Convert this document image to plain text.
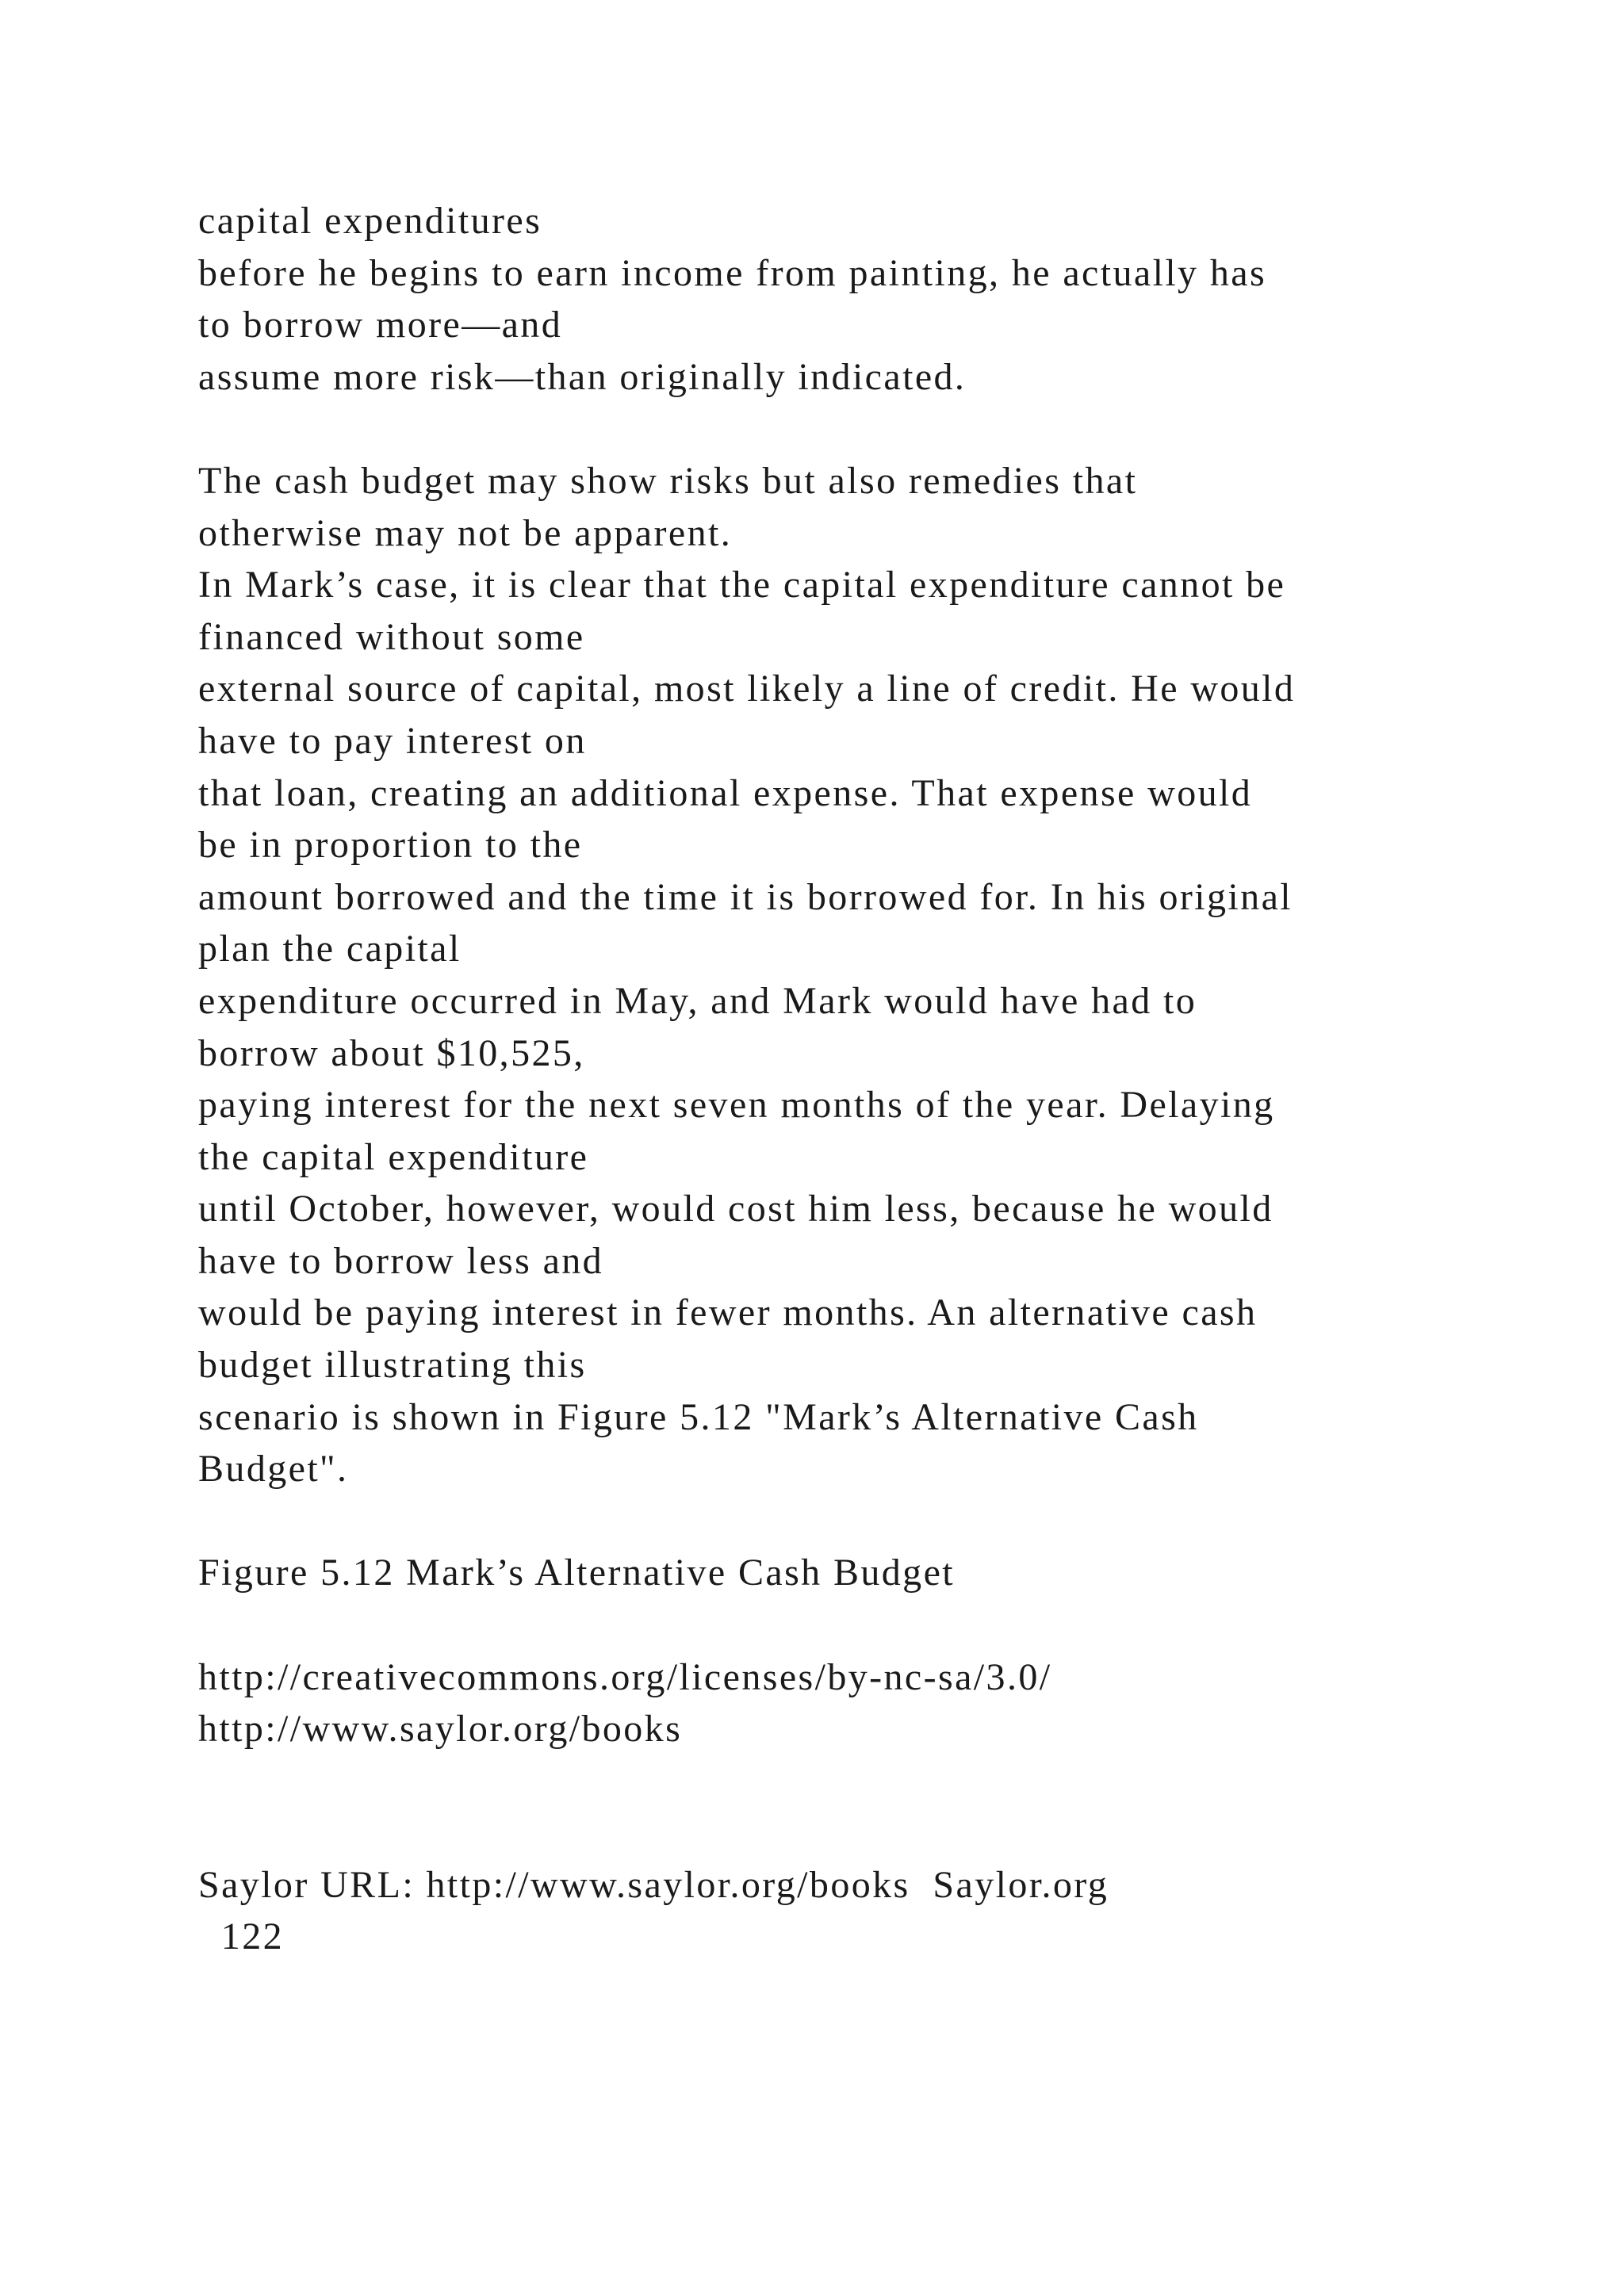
capital expenditures
before he begins to earn income from painting, he actually has
to borrow more—and
assume more risk—than originally indicated.
The cash budget may show risks but also remedies that
otherwise may not be apparent.
In Mark’s case, it is clear that the capital expenditure cannot be
financed without some
external source of capital, most likely a line of credit. He would
have to pay interest on
that loan, creating an additional expense. That expense would
be in proportion to the
amount borrowed and the time it is borrowed for. In his original
plan the capital
expenditure occurred in May, and Mark would have had to
borrow about $10,525,
paying interest for the next seven months of the year. Delaying
the capital expenditure
until October, however, would cost him less, because he would
have to borrow less and
would be paying interest in fewer months. An alternative cash
budget illustrating this
scenario is shown in Figure 5.12 "Mark’s Alternative Cash
Budget".
Figure 5.12 Mark’s Alternative Cash Budget
http://creativecommons.org/licenses/by-nc-sa/3.0/
http://www.saylor.org/books
Saylor URL: http://www.saylor.org/books  Saylor.org
122
